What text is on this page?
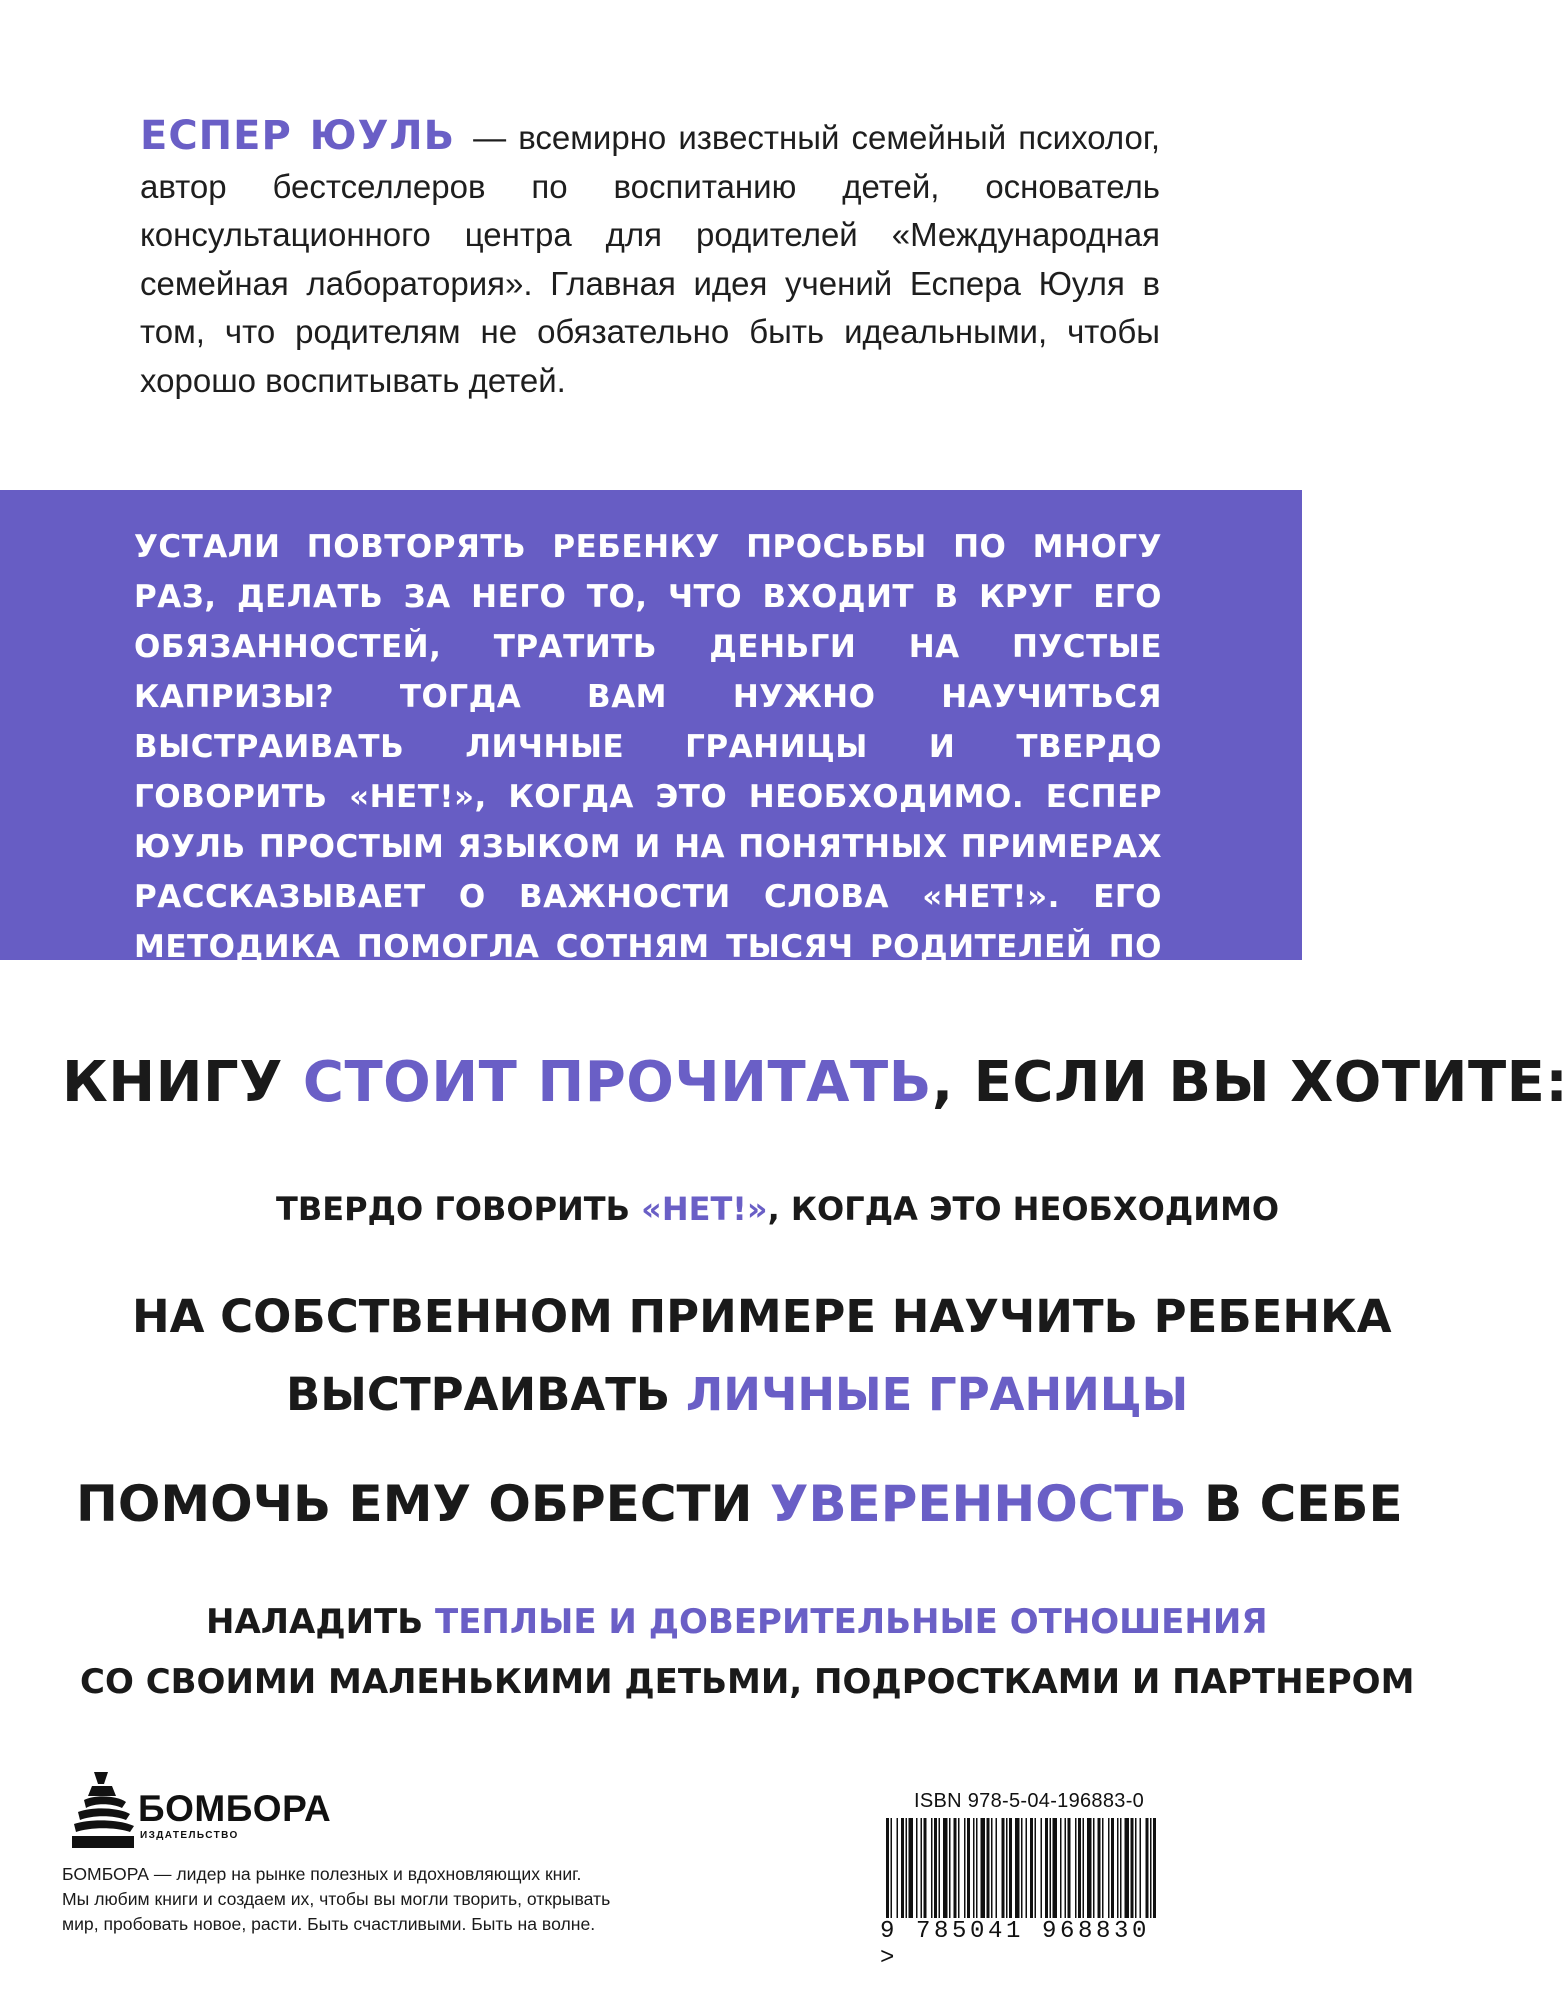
ЕСПЕР ЮУЛЬ — всемирно известный семейный психолог, автор бестселлеров по воспитанию детей, основатель консультационного центра для родителей «Международная семейная лаборатория». Главная идея учений Еспера Юуля в том, что родителям не обязательно быть идеальными, чтобы хорошо воспитывать детей.
УСТАЛИ ПОВТОРЯТЬ РЕБЕНКУ ПРОСЬБЫ ПО МНОГУ РАЗ, ДЕЛАТЬ ЗА НЕГО ТО, ЧТО ВХОДИТ В КРУГ ЕГО ОБЯЗАННОСТЕЙ, ТРАТИТЬ ДЕНЬГИ НА ПУСТЫЕ КАПРИЗЫ? ТОГДА ВАМ НУЖНО НАУЧИТЬСЯ ВЫСТРАИВАТЬ ЛИЧНЫЕ ГРАНИЦЫ И ТВЕРДО ГОВОРИТЬ «НЕТ!», КОГДА ЭТО НЕОБХОДИМО. ЕСПЕР ЮУЛЬ ПРОСТЫМ ЯЗЫКОМ И НА ПОНЯТНЫХ ПРИМЕРАХ РАССКАЗЫВАЕТ О ВАЖНОСТИ СЛОВА «НЕТ!». ЕГО МЕТОДИКА ПОМОГЛА СОТНЯМ ТЫСЯЧ РОДИТЕЛЕЙ ПО ВСЕМУ МИРУ.
КНИГУ СТОИТ ПРОЧИТАТЬ, ЕСЛИ ВЫ ХОТИТЕ:
ТВЕРДО ГОВОРИТЬ «НЕТ!», КОГДА ЭТО НЕОБХОДИМО
НА СОБСТВЕННОМ ПРИМЕРЕ НАУЧИТЬ РЕБЕНКА
ВЫСТРАИВАТЬ ЛИЧНЫЕ ГРАНИЦЫ
ПОМОЧЬ ЕМУ ОБРЕСТИ УВЕРЕННОСТЬ В СЕБЕ
НАЛАДИТЬ ТЕПЛЫЕ И ДОВЕРИТЕЛЬНЫЕ ОТНОШЕНИЯ
СО СВОИМИ МАЛЕНЬКИМИ ДЕТЬМИ, ПОДРОСТКАМИ И ПАРТНЕРОМ
БОМБОРА
ИЗДАТЕЛЬСТВО
БОМБОРА — лидер на рынке полезных и вдохновляющих книг.
Мы любим книги и создаем их, чтобы вы могли творить, открывать
мир, пробовать новое, расти. Быть счастливыми. Быть на волне.
ISBN 978-5-04-196883-0
9 785041 968830 >
